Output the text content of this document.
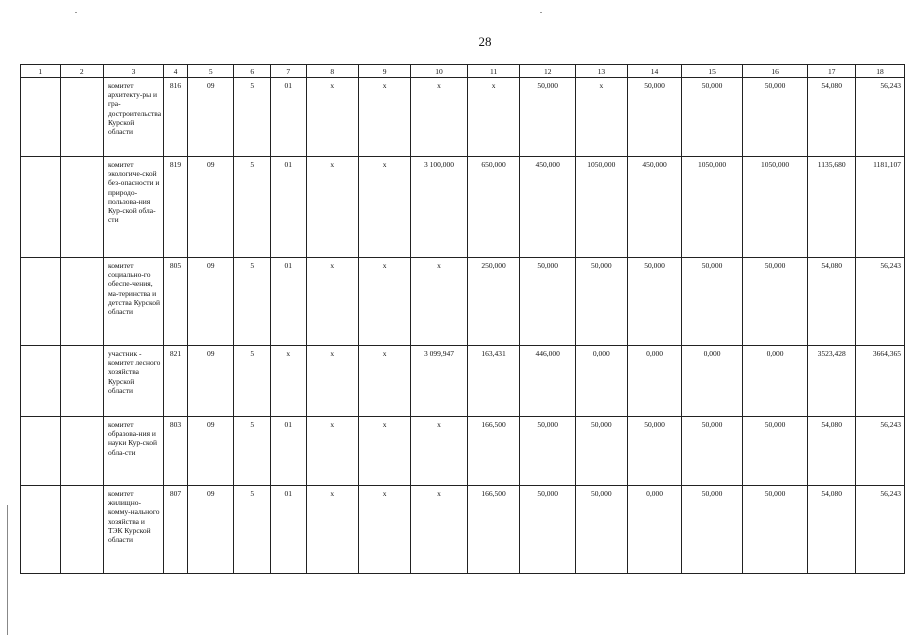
28
1	2	3	4	5	6	7	8	9	10	11	12	13	14	15	16	17	18
		комитет архитекту-ры и гра-достроительства Курской области	816	09	5	01	x	x	x	x	50,000	x	50,000	50,000	50,000	54,080	56,243
		комитет экологиче-ской без-опасности и природо-пользова-ния Кур-ской обла-сти	819	09	5	01	x	x	3 100,000	650,000	450,000	1050,000	450,000	1050,000	1050,000	1135,680	1181,107
		комитет социально-го обеспе-чения, ма-теринства и детства Курской области	805	09	5	01	x	x	x	250,000	50,000	50,000	50,000	50,000	50,000	54,080	56,243
		участник - комитет лесного хозяйства Курской области	821	09	5	x	x	x	3 099,947	163,431	446,000	0,000	0,000	0,000	0,000	3523,428	3664,365
		комитет образова-ния и науки Кур-ской обла-сти	803	09	5	01	x	x	x	166,500	50,000	50,000	50,000	50,000	50,000	54,080	56,243
		комитет жилищно-комму-нального хозяйства и ТЭК Курской области	807	09	5	01	x	x	x	166,500	50,000	50,000	0,000	50,000	50,000	54,080	56,243
